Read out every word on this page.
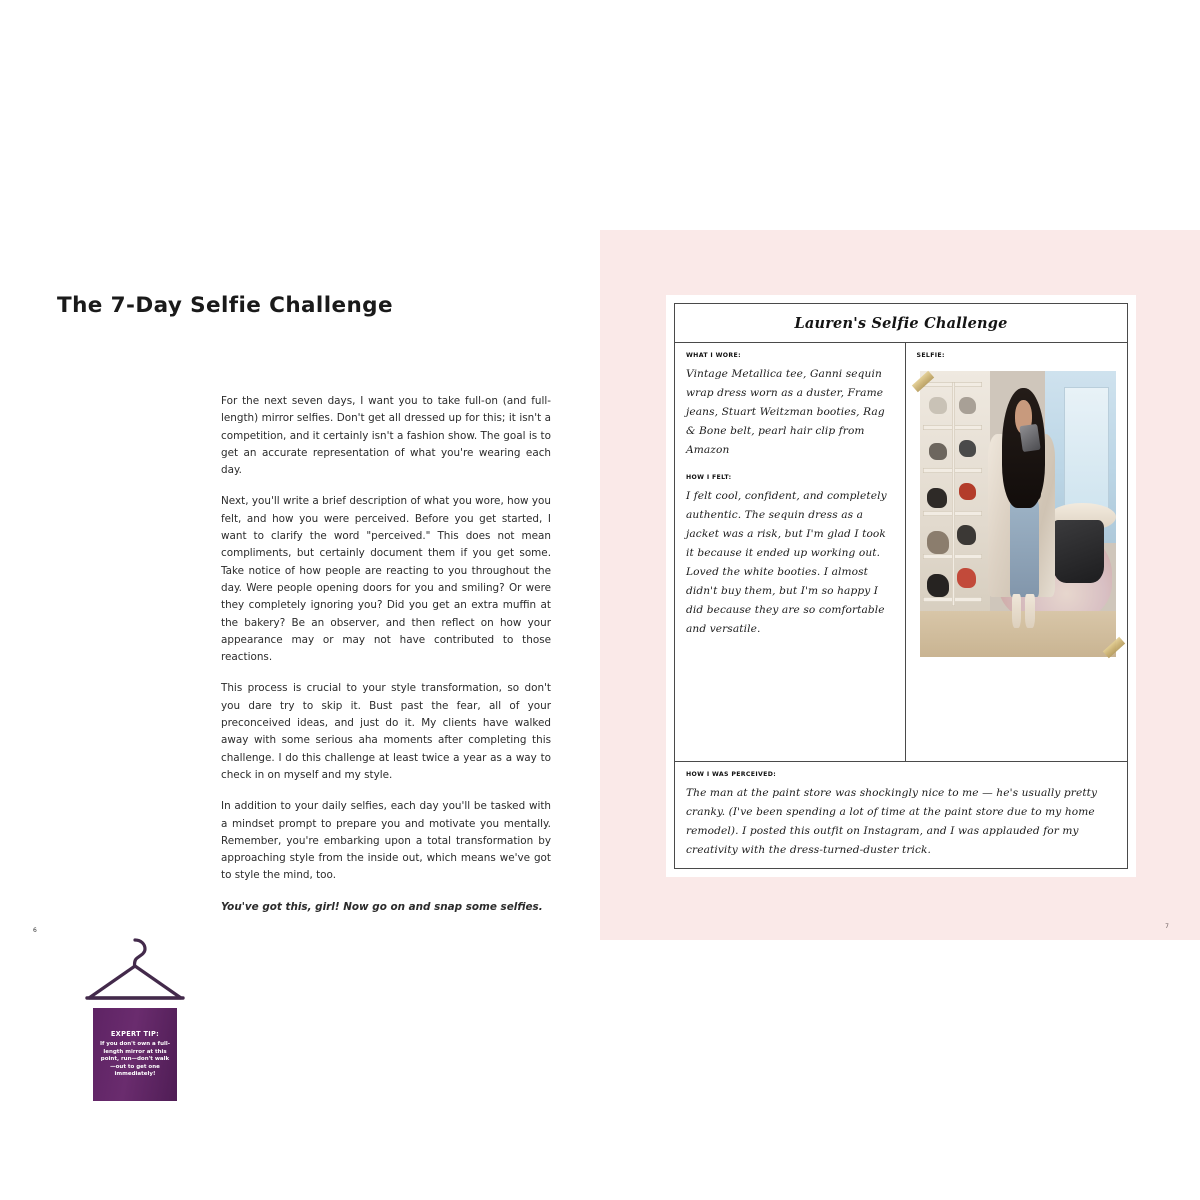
The 7-Day Selfie Challenge

For the next seven days, I want you to take full-on (and full-length) mirror selfies. Don't get all dressed up for this; it isn't a competition, and it certainly isn't a fashion show. The goal is to get an accurate representation of what you're wearing each day.

Next, you'll write a brief description of what you wore, how you felt, and how you were perceived. Before you get started, I want to clarify the word "perceived." This does not mean compliments, but certainly document them if you get some. Take notice of how people are reacting to you throughout the day. Were people opening doors for you and smiling? Or were they completely ignoring you? Did you get an extra muffin at the bakery? Be an observer, and then reflect on how your appearance may or may not have contributed to those reactions.

This process is crucial to your style transformation, so don't you dare try to skip it. Bust past the fear, all of your preconceived ideas, and just do it. My clients have walked away with some serious aha moments after completing this challenge. I do this challenge at least twice a year as a way to check in on myself and my style.

In addition to your daily selfies, each day you'll be tasked with a mindset prompt to prepare you and motivate you mentally. Remember, you're embarking upon a total transformation by approaching style from the inside out, which means we've got to style the mind, too.

You've got this, girl! Now go on and snap some selfies.

EXPERT TIP:
If you don't own a full-length mirror at this point, run—don't walk—out to get one immediately!
6
Lauren's Selfie Challenge
WHAT I WORE:
Vintage Metallica tee, Ganni sequin wrap dress worn as a duster, Frame jeans, Stuart Weitzman booties, Rag & Bone belt, pearl hair clip from Amazon
HOW I FELT:
I felt cool, confident, and completely authentic. The sequin dress as a jacket was a risk, but I'm glad I took it because it ended up working out. Loved the white booties. I almost didn't buy them, but I'm so happy I did because they are so comfortable and versatile.
SELFIE:
HOW I WAS PERCEIVED:
The man at the paint store was shockingly nice to me — he's usually pretty cranky. (I've been spending a lot of time at the paint store due to my home remodel). I posted this outfit on Instagram, and I was applauded for my creativity with the dress-turned-duster trick.
7
